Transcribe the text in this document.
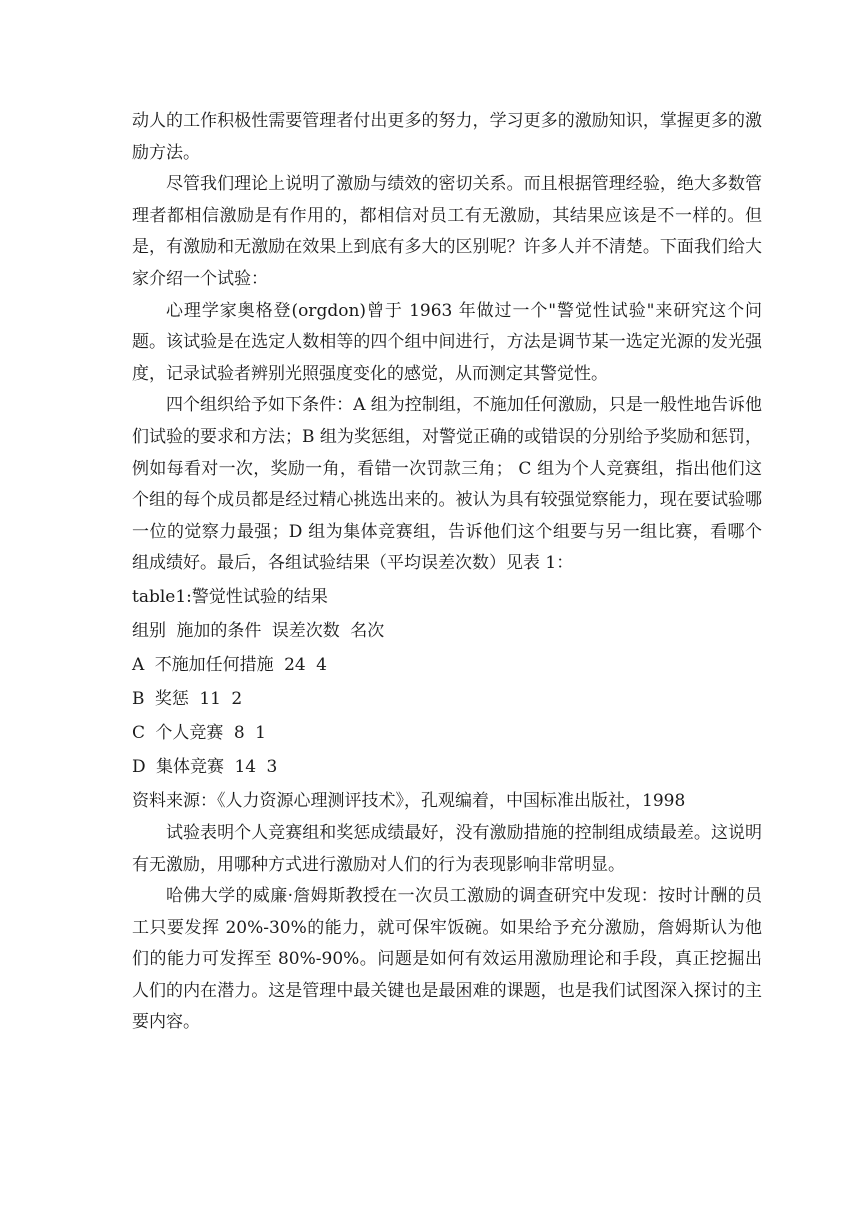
动人的工作积极性需要管理者付出更多的努力，学习更多的激励知识，掌握更多的激励方法。

尽管我们理论上说明了激励与绩效的密切关系。而且根据管理经验，绝大多数管理者都相信激励是有作用的，都相信对员工有无激励，其结果应该是不一样的。但是，有激励和无激励在效果上到底有多大的区别呢？许多人并不清楚。下面我们给大家介绍一个试验：

心理学家奥格登(orgdon)曾于 1963 年做过一个"警觉性试验"来研究这个问题。该试验是在选定人数相等的四个组中间进行，方法是调节某一选定光源的发光强度，记录试验者辨别光照强度变化的感觉，从而测定其警觉性。

四个组织给予如下条件：A 组为控制组，不施加任何激励，只是一般性地告诉他们试验的要求和方法；B 组为奖惩组，对警觉正确的或错误的分别给予奖励和惩罚，例如每看对一次，奖励一角，看错一次罚款三角； C 组为个人竞赛组，指出他们这个组的每个成员都是经过精心挑选出来的。被认为具有较强觉察能力，现在要试验哪一位的觉察力最强；D 组为集体竞赛组，告诉他们这个组要与另一组比赛，看哪个组成绩好。最后，各组试验结果（平均误差次数）见表 1：

table1:警觉性试验的结果

组别 施加的条件 误差次数 名次

A 不施加任何措施 24 4

B 奖惩 11 2

C 个人竞赛 8 1

D 集体竞赛 14 3

资料来源：《人力资源心理测评技术》，孔观编着，中国标准出版社，1998

试验表明个人竞赛组和奖惩成绩最好，没有激励措施的控制组成绩最差。这说明有无激励，用哪种方式进行激励对人们的行为表现影响非常明显。

哈佛大学的威廉·詹姆斯教授在一次员工激励的调查研究中发现：按时计酬的员工只要发挥 20%-30%的能力，就可保牢饭碗。如果给予充分激励，詹姆斯认为他们的能力可发挥至 80%-90%。问题是如何有效运用激励理论和手段，真正挖掘出人们的内在潜力。这是管理中最关键也是最困难的课题，也是我们试图深入探讨的主要内容。
